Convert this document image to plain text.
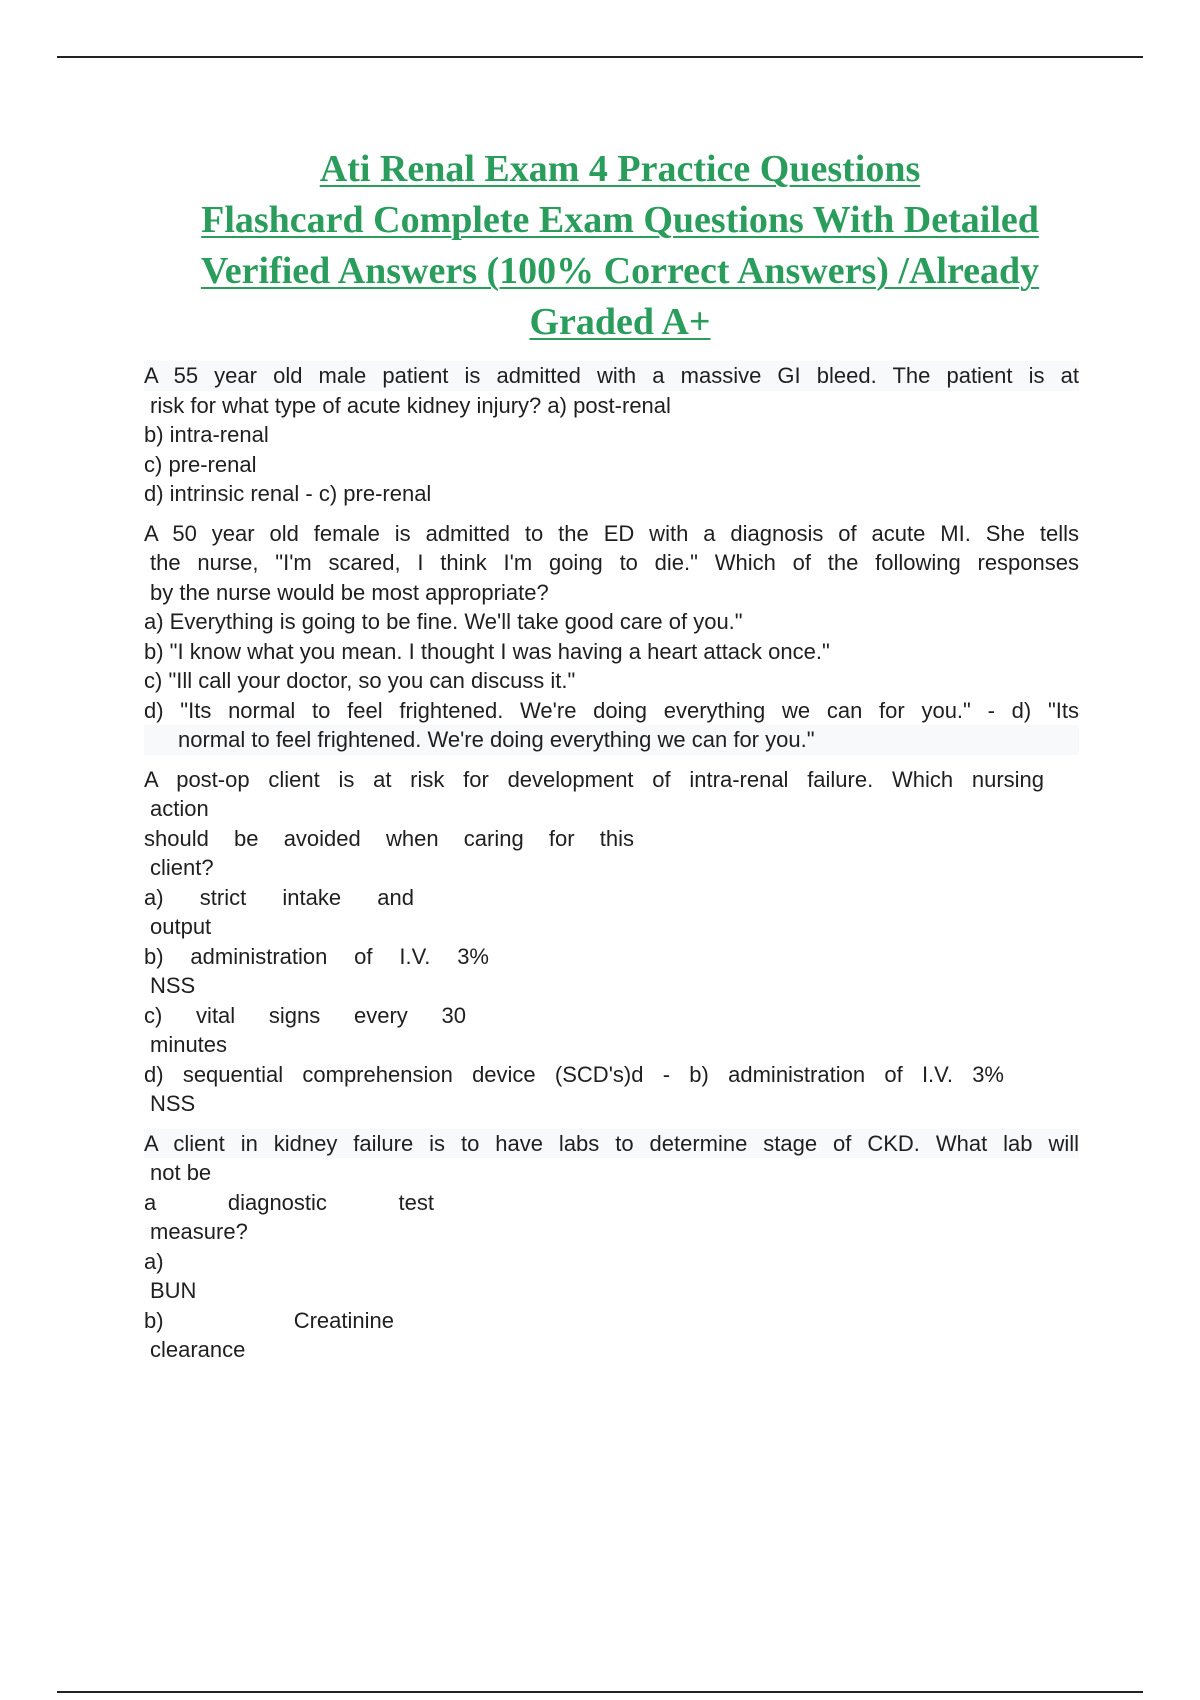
Ati Renal Exam 4 Practice Questions
Flashcard Complete Exam Questions With Detailed
Verified Answers (100% Correct Answers) /Already
Graded A+
A 55 year old male patient is admitted with a massive GI bleed. The patient is at
risk for what type of acute kidney injury? a) post-renal
b) intra-renal
c) pre-renal
d) intrinsic renal - c) pre-renal
A 50 year old female is admitted to the ED with a diagnosis of acute MI. She tells
the nurse, "I'm scared, I think I'm going to die." Which of the following responses
by the nurse would be most appropriate?
a) Everything is going to be fine. We'll take good care of you."
b) "I know what you mean. I thought I was having a heart attack once."
c) "Ill call your doctor, so you can discuss it."
d) "Its normal to feel frightened. We're doing everything we can for you." - d) "Its
normal to feel frightened. We're doing everything we can for you."
A post-op client is at risk for development of intra-renal failure. Which nursing
action
should be avoided when caring for this
client?
a) strict intake and
output
b) administration of I.V. 3%
NSS
c) vital signs every 30
minutes
d) sequential comprehension device (SCD's)d - b) administration of I.V. 3%
NSS
A client in kidney failure is to have labs to determine stage of CKD. What lab will
not be
a diagnostic test
measure?
a)
BUN
b) Creatinine
clearance
